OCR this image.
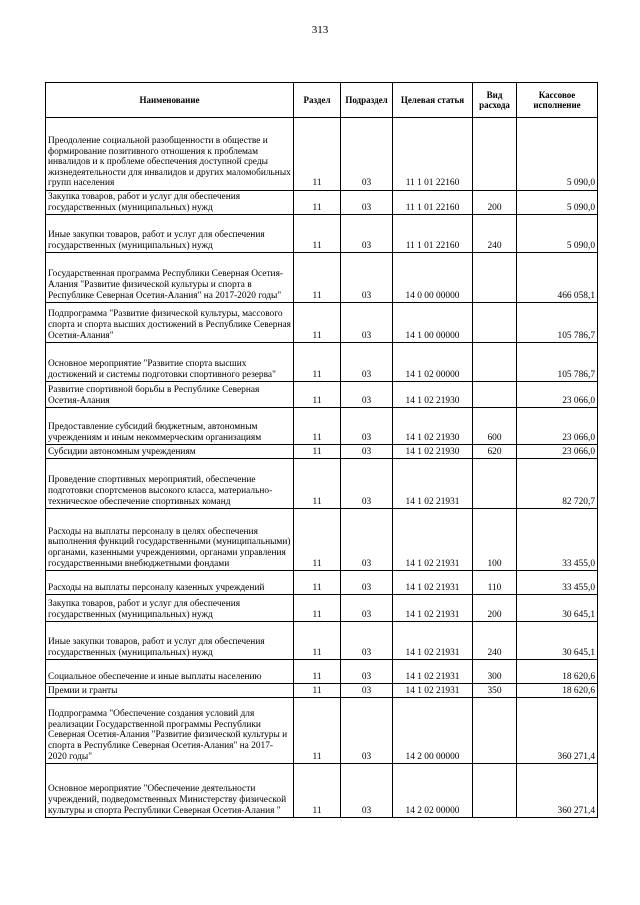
313
Наименование	Раздел	Подраздел	Целевая статья	Вид расхода	Кассовое исполнение
Преодоление социальной разобщенности в обществе и формирование позитивного отношения к проблемам инвалидов и к проблеме обеспечения доступной среды жизнедеятельности для инвалидов и других маломобильных групп населения	11	03	11 1 01 22160		5 090,0
Закупка товаров, работ и услуг для обеспечения государственных (муниципальных) нужд	11	03	11 1 01 22160	200	5 090,0
Иные закупки товаров, работ и услуг для обеспечения государственных (муниципальных) нужд	11	03	11 1 01 22160	240	5 090,0
Государственная программа Республики Северная Осетия-Алания "Развитие физической культуры и спорта в Республике Северная Осетия-Алания" на 2017-2020 годы"	11	03	14 0 00 00000		466 058,1
Подпрограмма "Развитие физической культуры, массового спорта и спорта высших достижений в Республике Северная Осетия-Алания"	11	03	14 1 00 00000		105 786,7
Основное мероприятие "Развитие спорта высших достижений и системы подготовки спортивного резерва"	11	03	14 1 02 00000		105 786,7
Развитие спортивной борьбы в Республике Северная Осетия-Алания	11	03	14 1 02 21930		23 066,0
Предоставление субсидий бюджетным, автономным учреждениям и иным некоммерческим организациям	11	03	14 1 02 21930	600	23 066,0
Субсидии автономным учреждениям	11	03	14 1 02 21930	620	23 066,0
Проведение спортивных мероприятий, обеспечение подготовки спортсменов высокого класса, материально-техническое обеспечение спортивных команд	11	03	14 1 02 21931		82 720,7
Расходы на выплаты персоналу в целях обеспечения выполнения функций государственными (муниципальными) органами, казенными учреждениями, органами управления государственными внебюджетными фондами	11	03	14 1 02 21931	100	33 455,0
Расходы на выплаты персоналу казенных учреждений	11	03	14 1 02 21931	110	33 455,0
Закупка товаров, работ и услуг для обеспечения государственных (муниципальных) нужд	11	03	14 1 02 21931	200	30 645,1
Иные закупки товаров, работ и услуг для обеспечения государственных (муниципальных) нужд	11	03	14 1 02 21931	240	30 645,1
Социальное обеспечение и иные выплаты населению	11	03	14 1 02 21931	300	18 620,6
Премии и гранты	11	03	14 1 02 21931	350	18 620,6
Подпрограмма "Обеспечение создания условий для реализации Государственной программы Республики Северная Осетия-Алания "Развитие физической культуры и спорта в Республике Северная Осетия-Алания" на 2017-2020 годы"	11	03	14 2 00 00000		360 271,4
Основное мероприятие "Обеспечение деятельности учреждений, подведомственных Министерству физической культуры и спорта Республики Северная Осетия-Алания "	11	03	14 2 02 00000		360 271,4
